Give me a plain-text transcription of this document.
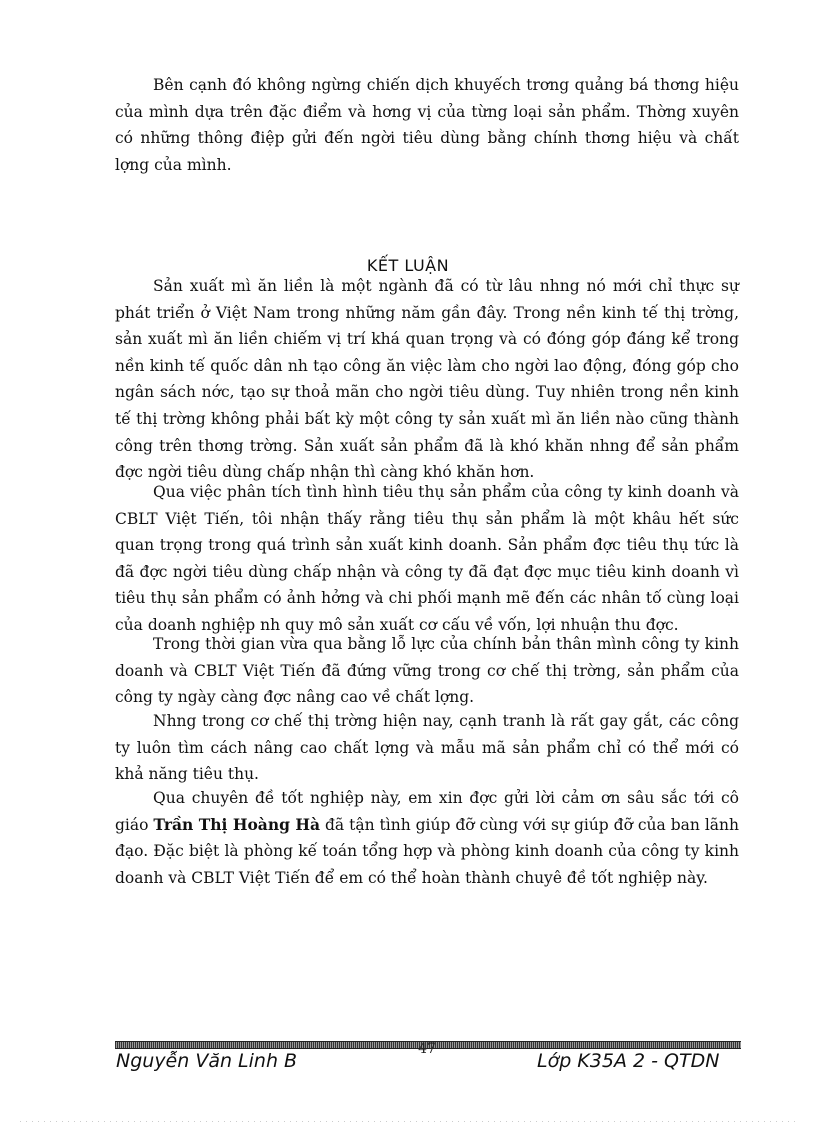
Bên cạnh đó không ngừng chiến dịch khuyếch trơng quảng bá thơng hiệu của mình dựa trên đặc điểm và hơng vị của từng loại sản phẩm. Thờng xuyên có những thông điệp gửi đến ngời tiêu dùng bằng chính thơng hiệu và chất lợng của mình.

KẾT LUẬN

Sản xuất mì ăn liền là một ngành đã có từ lâu nhng nó mới chỉ thực sự phát triển ở Việt Nam trong những năm gần đây. Trong nền kinh tế thị trờng, sản xuất mì ăn liền chiếm vị trí khá quan trọng và có đóng góp đáng kể trong nền kinh tế quốc dân nh tạo công ăn việc làm cho ngời lao động, đóng góp cho ngân sách nớc, tạo sự thoả mãn cho ngời tiêu dùng. Tuy nhiên trong nền kinh tế thị trờng không phải bất kỳ một công ty sản xuất mì ăn liền nào cũng thành công trên thơng trờng. Sản xuất sản phẩm đã là khó khăn nhng để sản phẩm đợc ngời tiêu dùng chấp nhận thì càng khó khăn hơn.

Qua việc phân tích tình hình tiêu thụ sản phẩm của công ty kinh doanh và CBLT Việt Tiến, tôi nhận thấy rằng tiêu thụ sản phẩm là một khâu hết sức quan trọng trong quá trình sản xuất kinh doanh. Sản phẩm đợc tiêu thụ tức là đã đợc ngời tiêu dùng chấp nhận và công ty đã đạt đợc mục tiêu kinh doanh vì tiêu thụ sản phẩm có ảnh hởng và chi phối mạnh mẽ đến các nhân tố cùng loại của doanh nghiệp nh quy mô sản xuất cơ cấu về vốn, lợi nhuận thu đợc.

Trong thời gian vừa qua bằng lỗ lực của chính bản thân mình công ty kinh doanh và CBLT Việt Tiến đã đứng vững trong cơ chế thị trờng, sản phẩm của công ty ngày càng đợc nâng cao về chất lợng.

Nhng trong cơ chế thị trờng hiện nay, cạnh tranh là rất gay gắt, các công ty luôn tìm cách nâng cao chất lợng và mẫu mã sản phẩm chỉ có thể mới có khả năng tiêu thụ.

Qua chuyên đề tốt nghiệp này, em xin đợc gửi lời cảm ơn sâu sắc tới cô giáo Trần Thị Hoàng Hà đã tận tình giúp đỡ cùng với sự giúp đỡ của ban lãnh đạo. Đặc biệt là phòng kế toán tổng hợp và phòng kinh doanh của công ty kinh doanh và CBLT Việt Tiến để em có thể hoàn thành chuyê đề tốt nghiệp này.

47
Nguyễn Văn Linh B	Lớp K35A 2 - QTDN
